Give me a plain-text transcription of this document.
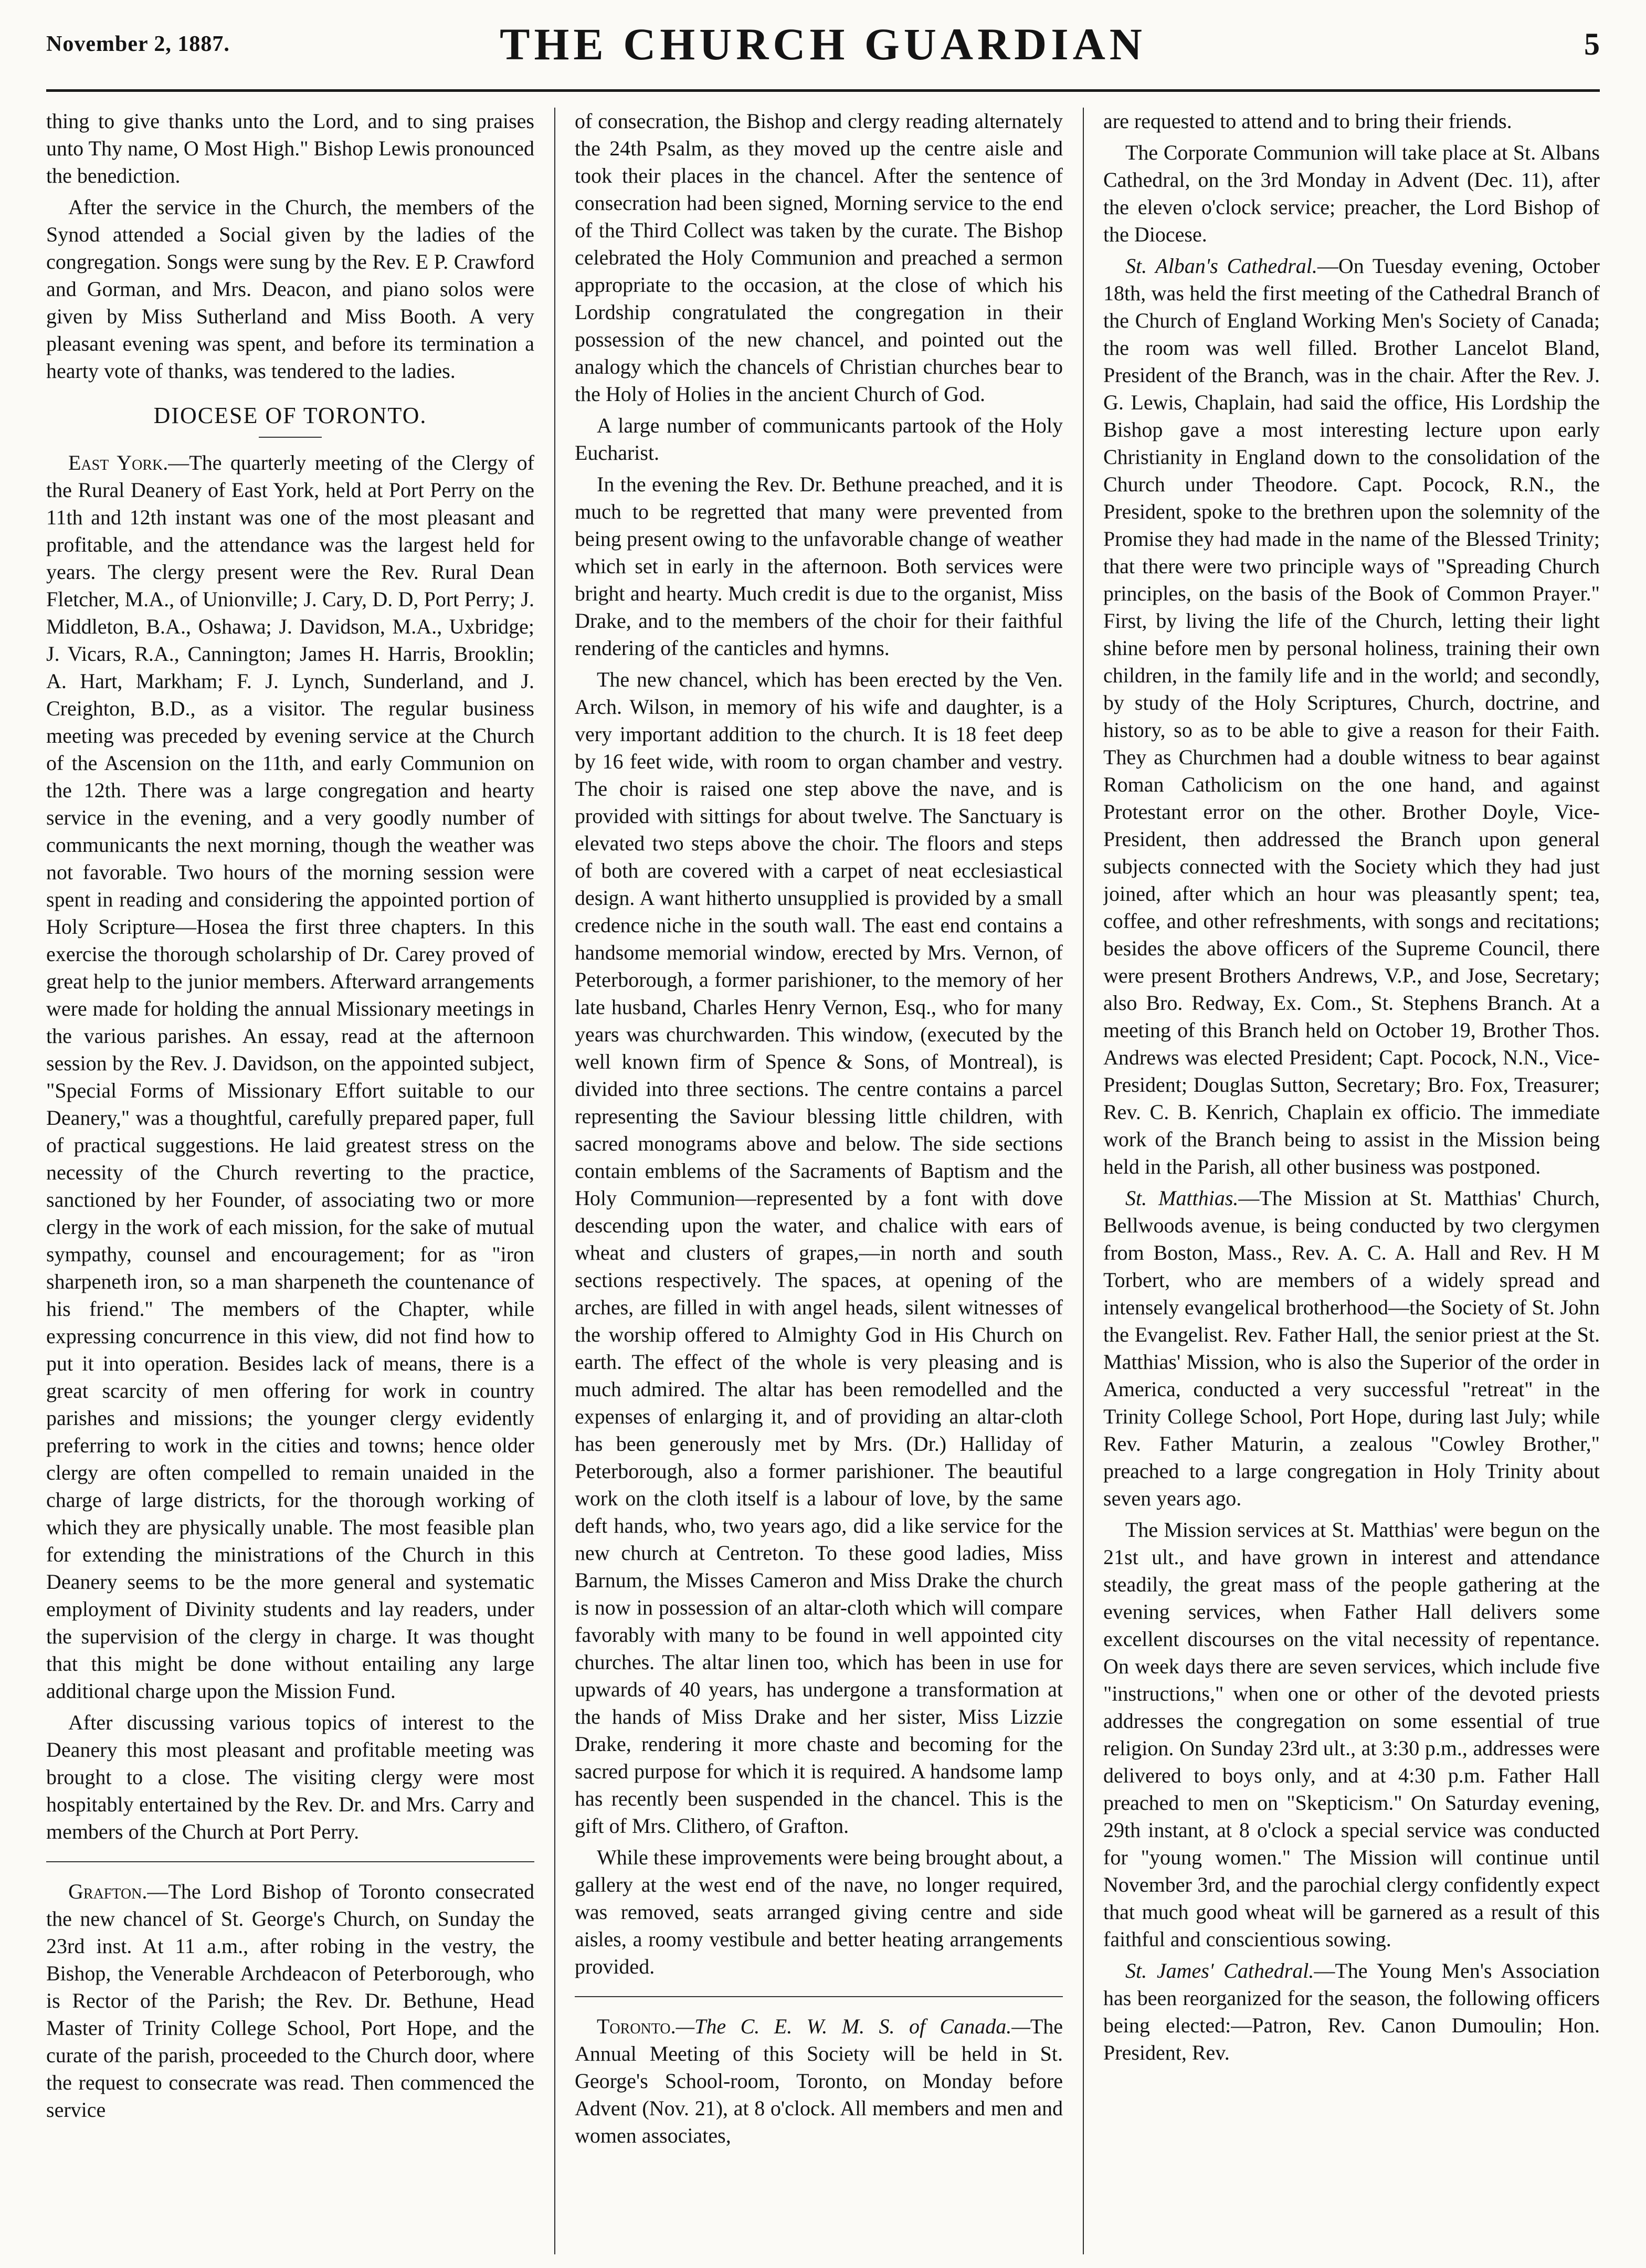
November 2, 1887.	THE CHURCH GUARDIAN	5

thing to give thanks unto the Lord, and to sing praises unto Thy name, O Most High." Bishop Lewis pronounced the benediction.

After the service in the Church, the members of the Synod attended a Social given by the ladies of the congregation. Songs were sung by the Rev. E P. Crawford and Gorman, and Mrs. Deacon, and piano solos were given by Miss Sutherland and Miss Booth. A very pleasant evening was spent, and before its termination a hearty vote of thanks, was tendered to the ladies.

DIOCESE OF TORONTO.

East York.—The quarterly meeting of the Clergy of the Rural Deanery of East York, held at Port Perry on the 11th and 12th instant was one of the most pleasant and profitable, and the attendance was the largest held for years. The clergy present were the Rev. Rural Dean Fletcher, M.A., of Unionville; J. Cary, D. D, Port Perry; J. Middleton, B.A., Oshawa; J. Davidson, M.A., Uxbridge; J. Vicars, R.A., Cannington; James H. Harris, Brooklin; A. Hart, Markham; F. J. Lynch, Sunderland, and J. Creighton, B.D., as a visitor. The regular business meeting was preceded by evening service at the Church of the Ascension on the 11th, and early Communion on the 12th. There was a large congregation and hearty service in the evening, and a very goodly number of communicants the next morning, though the weather was not favorable. Two hours of the morning session were spent in reading and considering the appointed portion of Holy Scripture—Hosea the first three chapters. In this exercise the thorough scholarship of Dr. Carey proved of great help to the junior members. Afterward arrangements were made for holding the annual Missionary meetings in the various parishes. An essay, read at the afternoon session by the Rev. J. Davidson, on the appointed subject, "Special Forms of Missionary Effort suitable to our Deanery," was a thoughtful, carefully prepared paper, full of practical suggestions. He laid greatest stress on the necessity of the Church reverting to the practice, sanctioned by her Founder, of associating two or more clergy in the work of each mission, for the sake of mutual sympathy, counsel and encouragement; for as "iron sharpeneth iron, so a man sharpeneth the countenance of his friend." The members of the Chapter, while expressing concurrence in this view, did not find how to put it into operation. Besides lack of means, there is a great scarcity of men offering for work in country parishes and missions; the younger clergy evidently preferring to work in the cities and towns; hence older clergy are often compelled to remain unaided in the charge of large districts, for the thorough working of which they are physically unable. The most feasible plan for extending the ministrations of the Church in this Deanery seems to be the more general and systematic employment of Divinity students and lay readers, under the supervision of the clergy in charge. It was thought that this might be done without entailing any large additional charge upon the Mission Fund.

After discussing various topics of interest to the Deanery this most pleasant and profitable meeting was brought to a close. The visiting clergy were most hospitably entertained by the Rev. Dr. and Mrs. Carry and members of the Church at Port Perry.

Grafton.—The Lord Bishop of Toronto consecrated the new chancel of St. George's Church, on Sunday the 23rd inst. At 11 a.m., after robing in the vestry, the Bishop, the Venerable Archdeacon of Peterborough, who is Rector of the Parish; the Rev. Dr. Bethune, Head Master of Trinity College School, Port Hope, and the curate of the parish, proceeded to the Church door, where the request to consecrate was read. Then commenced the service

of consecration, the Bishop and clergy reading alternately the 24th Psalm, as they moved up the centre aisle and took their places in the chancel. After the sentence of consecration had been signed, Morning service to the end of the Third Collect was taken by the curate. The Bishop celebrated the Holy Communion and preached a sermon appropriate to the occasion, at the close of which his Lordship congratulated the congregation in their possession of the new chancel, and pointed out the analogy which the chancels of Christian churches bear to the Holy of Holies in the ancient Church of God.

A large number of communicants partook of the Holy Eucharist.

In the evening the Rev. Dr. Bethune preached, and it is much to be regretted that many were prevented from being present owing to the unfavorable change of weather which set in early in the afternoon. Both services were bright and hearty. Much credit is due to the organist, Miss Drake, and to the members of the choir for their faithful rendering of the canticles and hymns.

The new chancel, which has been erected by the Ven. Arch. Wilson, in memory of his wife and daughter, is a very important addition to the church. It is 18 feet deep by 16 feet wide, with room to organ chamber and vestry. The choir is raised one step above the nave, and is provided with sittings for about twelve. The Sanctuary is elevated two steps above the choir. The floors and steps of both are covered with a carpet of neat ecclesiastical design. A want hitherto unsupplied is provided by a small credence niche in the south wall. The east end contains a handsome memorial window, erected by Mrs. Vernon, of Peterborough, a former parishioner, to the memory of her late husband, Charles Henry Vernon, Esq., who for many years was churchwarden. This window, (executed by the well known firm of Spence & Sons, of Montreal), is divided into three sections. The centre contains a parcel representing the Saviour blessing little children, with sacred monograms above and below. The side sections contain emblems of the Sacraments of Baptism and the Holy Communion—represented by a font with dove descending upon the water, and chalice with ears of wheat and clusters of grapes,—in north and south sections respectively. The spaces, at opening of the arches, are filled in with angel heads, silent witnesses of the worship offered to Almighty God in His Church on earth. The effect of the whole is very pleasing and is much admired. The altar has been remodelled and the expenses of enlarging it, and of providing an altar-cloth has been generously met by Mrs. (Dr.) Halliday of Peterborough, also a former parishioner. The beautiful work on the cloth itself is a labour of love, by the same deft hands, who, two years ago, did a like service for the new church at Centreton. To these good ladies, Miss Barnum, the Misses Cameron and Miss Drake the church is now in possession of an altar-cloth which will compare favorably with many to be found in well appointed city churches. The altar linen too, which has been in use for upwards of 40 years, has undergone a transformation at the hands of Miss Drake and her sister, Miss Lizzie Drake, rendering it more chaste and becoming for the sacred purpose for which it is required. A handsome lamp has recently been suspended in the chancel. This is the gift of Mrs. Clithero, of Grafton.

While these improvements were being brought about, a gallery at the west end of the nave, no longer required, was removed, seats arranged giving centre and side aisles, a roomy vestibule and better heating arrangements provided.

Toronto.—The C. E. W. M. S. of Canada.—The Annual Meeting of this Society will be held in St. George's School-room, Toronto, on Monday before Advent (Nov. 21), at 8 o'clock. All members and men and women associates,

are requested to attend and to bring their friends.

The Corporate Communion will take place at St. Albans Cathedral, on the 3rd Monday in Advent (Dec. 11), after the eleven o'clock service; preacher, the Lord Bishop of the Diocese.

St. Alban's Cathedral.—On Tuesday evening, October 18th, was held the first meeting of the Cathedral Branch of the Church of England Working Men's Society of Canada; the room was well filled. Brother Lancelot Bland, President of the Branch, was in the chair. After the Rev. J. G. Lewis, Chaplain, had said the office, His Lordship the Bishop gave a most interesting lecture upon early Christianity in England down to the consolidation of the Church under Theodore. Capt. Pocock, R.N., the President, spoke to the brethren upon the solemnity of the Promise they had made in the name of the Blessed Trinity; that there were two principle ways of "Spreading Church principles, on the basis of the Book of Common Prayer." First, by living the life of the Church, letting their light shine before men by personal holiness, training their own children, in the family life and in the world; and secondly, by study of the Holy Scriptures, Church, doctrine, and history, so as to be able to give a reason for their Faith. They as Churchmen had a double witness to bear against Roman Catholicism on the one hand, and against Protestant error on the other. Brother Doyle, Vice-President, then addressed the Branch upon general subjects connected with the Society which they had just joined, after which an hour was pleasantly spent; tea, coffee, and other refreshments, with songs and recitations; besides the above officers of the Supreme Council, there were present Brothers Andrews, V.P., and Jose, Secretary; also Bro. Redway, Ex. Com., St. Stephens Branch. At a meeting of this Branch held on October 19, Brother Thos. Andrews was elected President; Capt. Pocock, N.N., Vice-President; Douglas Sutton, Secretary; Bro. Fox, Treasurer; Rev. C. B. Kenrich, Chaplain ex officio. The immediate work of the Branch being to assist in the Mission being held in the Parish, all other business was postponed.

St. Matthias.—The Mission at St. Matthias' Church, Bellwoods avenue, is being conducted by two clergymen from Boston, Mass., Rev. A. C. A. Hall and Rev. H M Torbert, who are members of a widely spread and intensely evangelical brotherhood—the Society of St. John the Evangelist. Rev. Father Hall, the senior priest at the St. Matthias' Mission, who is also the Superior of the order in America, conducted a very successful "retreat" in the Trinity College School, Port Hope, during last July; while Rev. Father Maturin, a zealous "Cowley Brother," preached to a large congregation in Holy Trinity about seven years ago.

The Mission services at St. Matthias' were begun on the 21st ult., and have grown in interest and attendance steadily, the great mass of the people gathering at the evening services, when Father Hall delivers some excellent discourses on the vital necessity of repentance. On week days there are seven services, which include five "instructions," when one or other of the devoted priests addresses the congregation on some essential of true religion. On Sunday 23rd ult., at 3:30 p.m., addresses were delivered to boys only, and at 4:30 p.m. Father Hall preached to men on "Skepticism." On Saturday evening, 29th instant, at 8 o'clock a special service was conducted for "young women." The Mission will continue until November 3rd, and the parochial clergy confidently expect that much good wheat will be garnered as a result of this faithful and conscientious sowing.

St. James' Cathedral.—The Young Men's Association has been reorganized for the season, the following officers being elected:—Patron, Rev. Canon Dumoulin; Hon. President, Rev.
